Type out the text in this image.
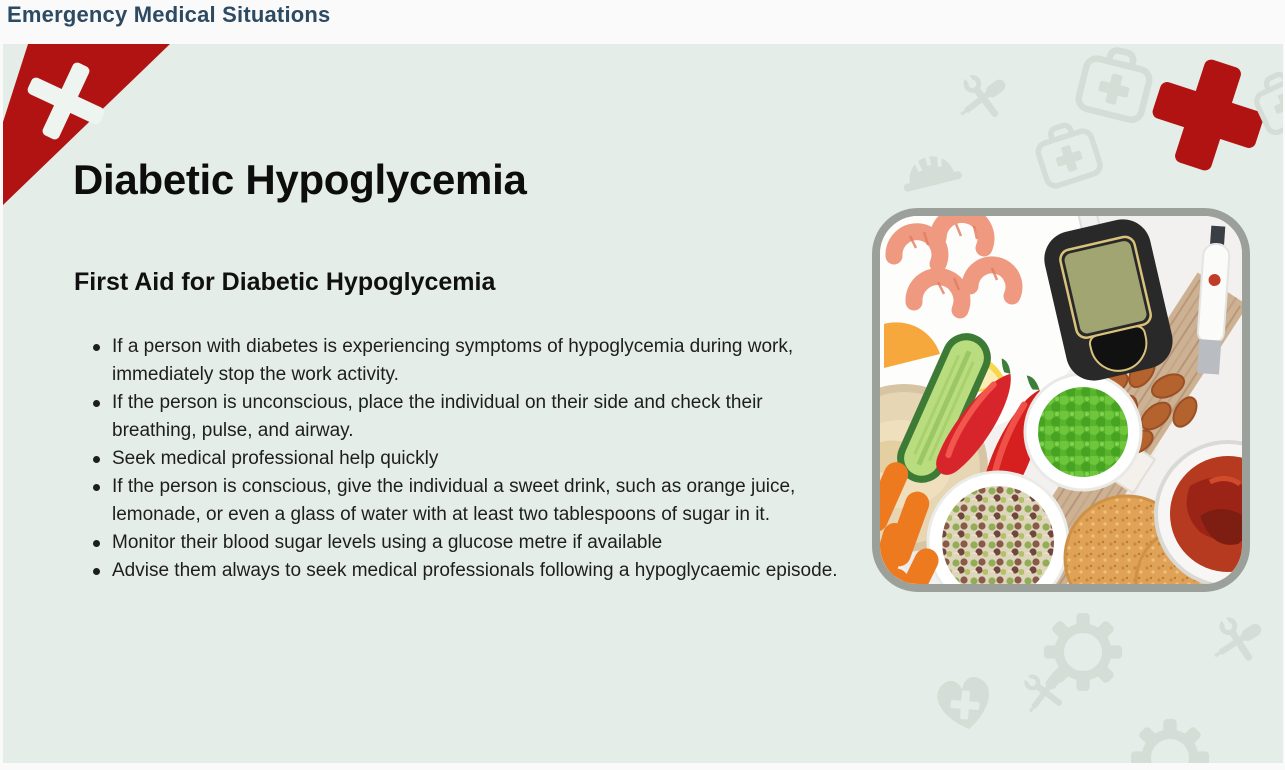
Emergency Medical Situations
Diabetic Hypoglycemia
First Aid for Diabetic Hypoglycemia
If a person with diabetes is experiencing symptoms of hypoglycemia during work, immediately stop the work activity.
If the person is unconscious, place the individual on their side and check their breathing, pulse, and airway.
Seek medical professional help quickly
If the person is conscious, give the individual a sweet drink, such as orange juice, lemonade, or even a glass of water with at least two tablespoons of sugar in it.
Monitor their blood sugar levels using a glucose metre if available
Advise them always to seek medical professionals following a hypoglycaemic episode.
